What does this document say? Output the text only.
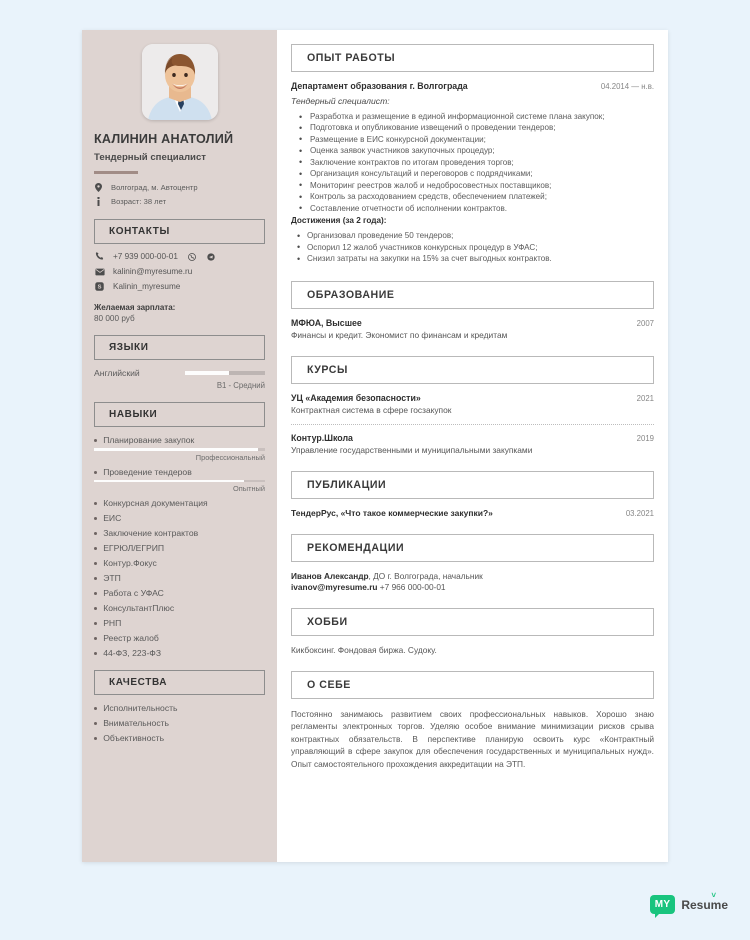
КАЛИНИН АНАТОЛИЙ
Тендерный специалист
Волгоград, м. Автоцентр
Возраст: 38 лет
КОНТАКТЫ
+7 939 000-00-01
kalinin@myresume.ru
S Kalinin_myresume
Желаемая зарплата:
80 000 руб
ЯЗЫКИ
Английский
B1 - Средний
НАВЫКИ
Планирование закупок
Профессиональный
Проведение тендеров
Опытный
Конкурсная документация
ЕИС
Заключение контрактов
ЕГРЮЛ/ЕГРИП
Контур.Фокус
ЭТП
Работа с УФАС
КонсультантПлюс
РНП
Реестр жалоб
44-ФЗ, 223-ФЗ
КАЧЕСТВА
Исполнительность
Внимательность
Объективность
ОПЫТ РАБОТЫ
Департамент образования г. Волгограда	04.2014 — н.в.
Тендерный специалист:
• Разработка и размещение в единой информационной системе плана закупок;
• Подготовка и опубликование извещений о проведении тендеров;
• Размещение в ЕИС конкурсной документации;
• Оценка заявок участников закупочных процедур;
• Заключение контрактов по итогам проведения торгов;
• Организация консультаций и переговоров с подрядчиками;
• Мониторинг реестров жалоб и недобросовестных поставщиков;
• Контроль за расходованием средств, обеспечением платежей;
• Составление отчетности об исполнении контрактов.
Достижения (за 2 года):
• Организовал проведение 50 тендеров;
• Оспорил 12 жалоб участников конкурсных процедур в УФАС;
• Снизил затраты на закупки на 15% за счет выгодных контрактов.
ОБРАЗОВАНИЕ
МФЮА, Высшее	2007
Финансы и кредит. Экономист по финансам и кредитам
КУРСЫ
УЦ «Академия безопасности»	2021
Контрактная система в сфере госзакупок
Контур.Школа	2019
Управление государственными и муниципальными закупками
ПУБЛИКАЦИИ
ТендерРус, «Что такое коммерческие закупки?»	03.2021
РЕКОМЕНДАЦИИ
Иванов Александр, ДО г. Волгограда, начальник
ivanov@myresume.ru +7 966 000-00-01
ХОББИ
Кикбоксинг. Фондовая биржа. Судоку.
О СЕБЕ
Постоянно занимаюсь развитием своих профессиональных навыков. Хорошо знаю регламенты электронных торгов. Уделяю особое внимание минимизации рисков срыва контрактных обязательств. В перспективе планирую освоить курс «Контрактный управляющий в сфере закупок для обеспечения государственных и муниципальных нужд». Опыт самостоятельного прохождения аккредитации на ЭТП.
MY Resume ˅
